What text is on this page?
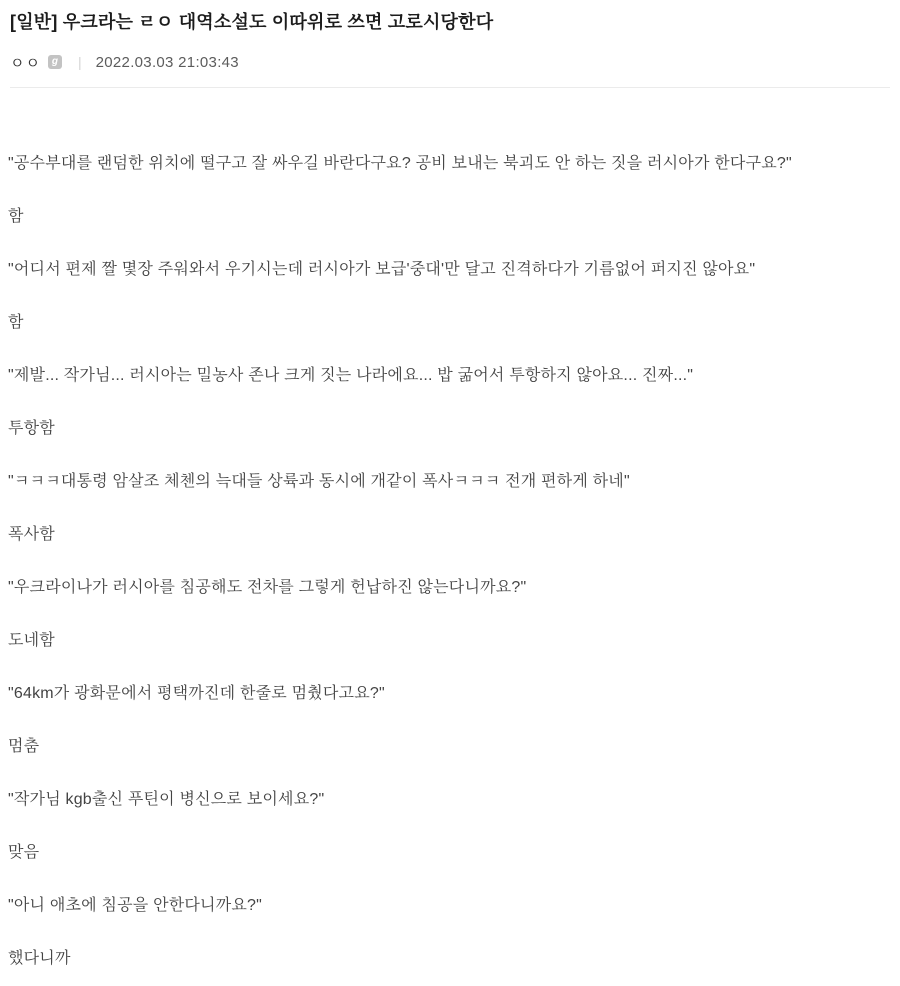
[일반] 우크라는 ㄹㅇ 대역소설도 이따위로 쓰면 고로시당한다
ㅇㅇ	g | 2022.03.03 21:03:43

"공수부대를 랜덤한 위치에 떨구고 잘 싸우길 바란다구요? 공비 보내는 북괴도 안 하는 짓을 러시아가 한다구요?"

함

"어디서 편제 짤 몇장 주워와서 우기시는데 러시아가 보급'중대'만 달고 진격하다가 기름없어 퍼지진 않아요"

함

"제발... 작가님... 러시아는 밀농사 존나 크게 짓는 나라에요... 밥 굶어서 투항하지 않아요... 진짜..."

투항함

"ㅋㅋㅋ대통령 암살조 체첸의 늑대들 상륙과 동시에 개같이 폭사ㅋㅋㅋ 전개 편하게 하네"

폭사함

"우크라이나가 러시아를 침공해도 전차를 그렇게 헌납하진 않는다니까요?"

도네함

"64km가 광화문에서 평택까진데 한줄로 멈췄다고요?"

멈춤

"작가님 kgb출신 푸틴이 병신으로 보이세요?"

맞음

"아니 애초에 침공을 안한다니까요?"

했다니까
